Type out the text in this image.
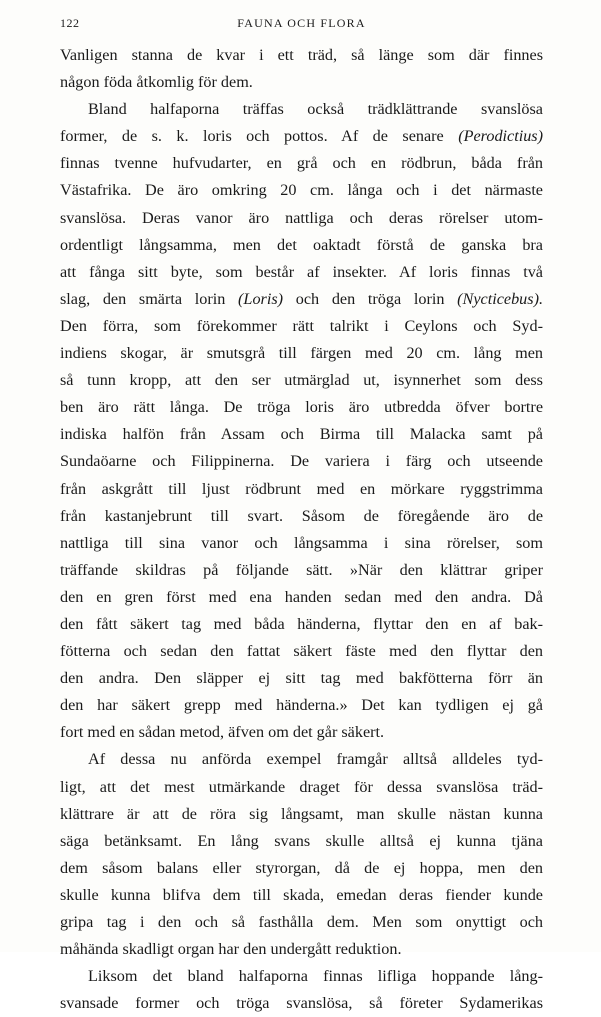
122	FAUNA OCH FLORA
Vanligen stanna de kvar i ett träd, så länge som där finnes
någon föda åtkomlig för dem.
Bland halfaporna träffas också trädklättrande svanslösa
former, de s. k. loris och pottos. Af de senare (Perodictius)
finnas tvenne hufvudarter, en grå och en rödbrun, båda från
Västafrika. De äro omkring 20 cm. långa och i det närmaste
svanslösa. Deras vanor äro nattliga och deras rörelser utom-
ordentligt långsamma, men det oaktadt förstå de ganska bra
att fånga sitt byte, som består af insekter. Af loris finnas två
slag, den smärta lorin (Loris) och den tröga lorin (Nycticebus).
Den förra, som förekommer rätt talrikt i Ceylons och Syd-
indiens skogar, är smutsgrå till färgen med 20 cm. lång men
så tunn kropp, att den ser utmärglad ut, isynnerhet som dess
ben äro rätt långa. De tröga loris äro utbredda öfver bortre
indiska halfön från Assam och Birma till Malacka samt på
Sundaöarne och Filippinerna. De variera i färg och utseende
från askgrått till ljust rödbrunt med en mörkare ryggstrimma
från kastanjebrunt till svart. Såsom de föregående äro de
nattliga till sina vanor och långsamma i sina rörelser, som
träffande skildras på följande sätt. »När den klättrar griper
den en gren först med ena handen sedan med den andra. Då
den fått säkert tag med båda händerna, flyttar den en af bak-
fötterna och sedan den fattat säkert fäste med den flyttar den
den andra. Den släpper ej sitt tag med bakfötterna förr än
den har säkert grepp med händerna.» Det kan tydligen ej gå
fort med en sådan metod, äfven om det går säkert.
Af dessa nu anförda exempel framgår alltså alldeles tyd-
ligt, att det mest utmärkande draget för dessa svanslösa träd-
klättrare är att de röra sig långsamt, man skulle nästan kunna
säga betänksamt. En lång svans skulle alltså ej kunna tjäna
dem såsom balans eller styrorgan, då de ej hoppa, men den
skulle kunna blifva dem till skada, emedan deras fiender kunde
gripa tag i den och så fasthålla dem. Men som onyttigt och
måhända skadligt organ har den undergått reduktion.
Liksom det bland halfaporna finnas lifliga hoppande lång-
svansade former och tröga svanslösa, så företer Sydamerikas
